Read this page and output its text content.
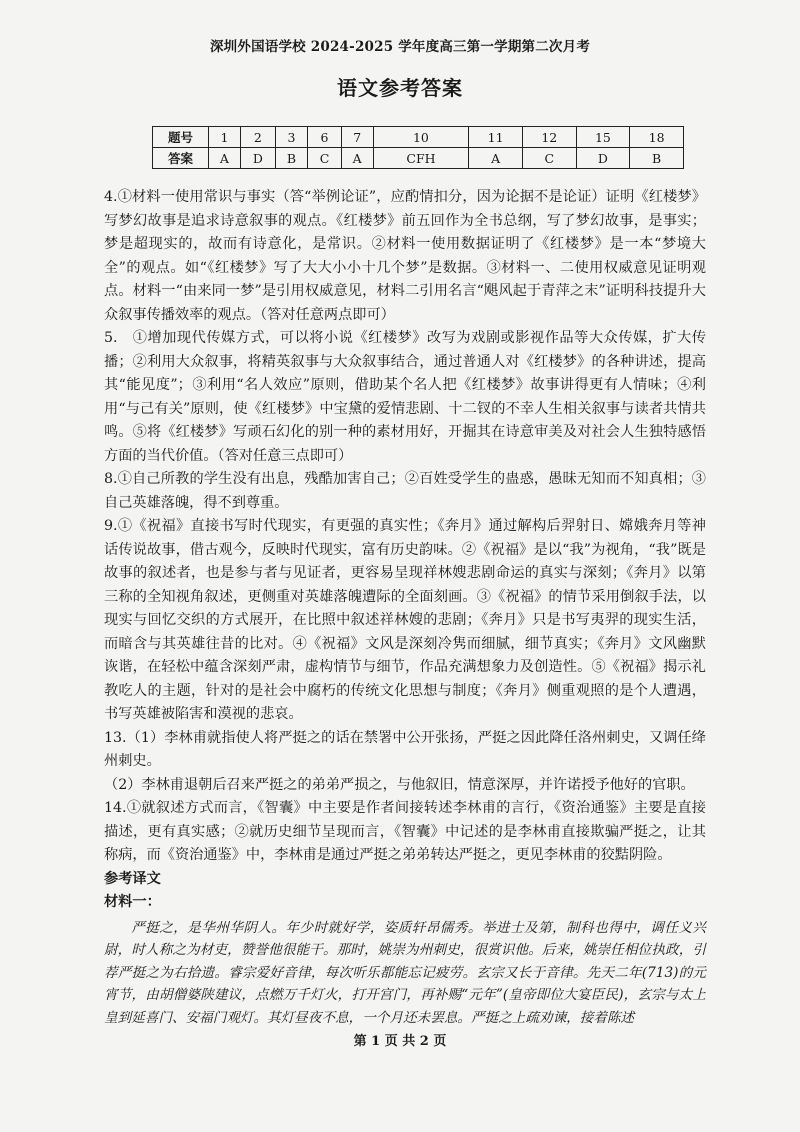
深圳外国语学校 2024-2025 学年度高三第一学期第二次月考
语文参考答案
题号	1	2	3	6	7	10	11	12	15	18
答案	A	D	B	C	A	CFH	A	C	D	B

4.①材料一使用常识与事实（答“举例论证”，应酌情扣分，因为论据不是论证）证明《红楼梦》写梦幻故事是追求诗意叙事的观点。《红楼梦》前五回作为全书总纲，写了梦幻故事，是事实；梦是超现实的，故而有诗意化，是常识。②材料一使用数据证明了《红楼梦》是一本“梦境大全”的观点。如“《红楼梦》写了大大小小十几个梦”是数据。③材料一、二使用权威意见证明观点。材料一“由来同一梦”是引用权威意见，材料二引用名言“飓风起于青萍之末”证明科技提升大众叙事传播效率的观点。（答对任意两点即可）

5.　①增加现代传媒方式，可以将小说《红楼梦》改写为戏剧或影视作品等大众传媒，扩大传播；②利用大众叙事，将精英叙事与大众叙事结合，通过普通人对《红楼梦》的各种讲述，提高其“能见度”；③利用“名人效应”原则，借助某个名人把《红楼梦》故事讲得更有人情味；④利用“与己有关”原则，使《红楼梦》中宝黛的爱情悲剧、十二钗的不幸人生相关叙事与读者共情共鸣。⑤将《红楼梦》写顽石幻化的别一种的素材用好，开掘其在诗意审美及对社会人生独特感悟方面的当代价值。（答对任意三点即可）

8.①自己所教的学生没有出息，残酷加害自己；②百姓受学生的蛊惑，愚昧无知而不知真相；③自己英雄落魄，得不到尊重。

9.①《祝福》直接书写时代现实，有更强的真实性；《奔月》通过解构后羿射日、嫦娥奔月等神话传说故事，借古观今，反映时代现实，富有历史韵味。②《祝福》是以“我”为视角，“我”既是故事的叙述者，也是参与者与见证者，更容易呈现祥林嫂悲剧命运的真实与深刻；《奔月》以第三称的全知视角叙述，更侧重对英雄落魄遭际的全面刻画。③《祝福》的情节采用倒叙手法，以现实与回忆交织的方式展开，在比照中叙述祥林嫂的悲剧；《奔月》只是书写夷羿的现实生活，而暗含与其英雄往昔的比对。④《祝福》文风是深刻冷隽而细腻，细节真实；《奔月》文风幽默诙谐，在轻松中蕴含深刻严肃，虚构情节与细节，作品充满想象力及创造性。⑤《祝福》揭示礼教吃人的主题，针对的是社会中腐朽的传统文化思想与制度；《奔月》侧重观照的是个人遭遇，书写英雄被陷害和漠视的悲哀。

13.（1）李林甫就指使人将严挺之的话在禁署中公开张扬，严挺之因此降任洛州刺史，又调任绛州刺史。

（2）李林甫退朝后召来严挺之的弟弟严损之，与他叙旧，情意深厚，并许诺授予他好的官职。

14.①就叙述方式而言，《智囊》中主要是作者间接转述李林甫的言行，《资治通鉴》主要是直接描述，更有真实感；②就历史细节呈现而言，《智囊》中记述的是李林甫直接欺骗严挺之，让其称病，而《资治通鉴》中，李林甫是通过严挺之弟弟转达严挺之，更见李林甫的狡黠阴险。

参考译文

材料一：

严挺之，是华州华阴人。年少时就好学，姿质轩昂儒秀。举进士及第，制科也得中，调任义兴尉，时人称之为材吏，赞誉他很能干。那时，姚崇为州刺史，很赏识他。后来，姚崇任相位执政，引荐严挺之为右拾遗。睿宗爱好音律，每次听乐都能忘记疲劳。玄宗又长于音律。先天二年(713)的元宵节，由胡僧婆陕建议，点燃万千灯火，打开宫门，再补赐“元年”(皇帝即位大宴臣民)，玄宗与太上皇到延喜门、安福门观灯。其灯昼夜不息，一个月还未罢息。严挺之上疏劝谏，接着陈述

第 1 页 共 2 页
